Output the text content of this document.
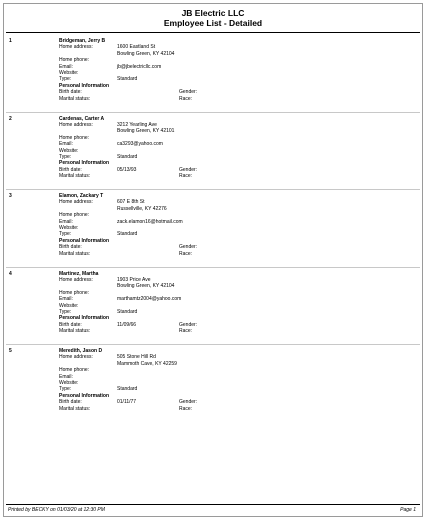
JB Electric LLC
Employee List - Detailed
1	Bridgeman, Jerry B
Home address:	1600 Eastland St
Bowling Green, KY 42104
Home phone:
Email:	jb@jbelectricllc.com
Website:
Type:	Standard
Personal Information
Birth date:	Gender:
Marital status:	Race:
2	Cardenas, Carter A
Home address:	3212 Yearling Ave
Bowling Green, KY 42101
Home phone:
Email:	ca3293@yahoo.com
Website:
Type:	Standard
Personal Information
Birth date:	05/13/93	Gender:
Marital status:	Race:
3	Elamon, Zackary T
Home address:	607 E 8th St
Russellville, KY 42276
Home phone:
Email:	zack.elamon16@hotmail.com
Website:
Type:	Standard
Personal Information
Birth date:	Gender:
Marital status:	Race:
4	Martinez, Martha
Home address:	1903 Price Ave
Bowling Green, KY 42104
Home phone:
Email:	marthamtz2004@yahoo.com
Website:
Type:	Standard
Personal Information
Birth date:	11/09/66	Gender:
Marital status:	Race:
5	Meredith, Jason D
Home address:	505 Stone Hill Rd
Mammoth Cave, KY 42259
Home phone:
Email:
Website:
Type:	Standard
Personal Information
Birth date:	01/11/77	Gender:
Marital status:	Race:
Printed by BECKY on 01/03/20 at 12:30 PM	Page 1
